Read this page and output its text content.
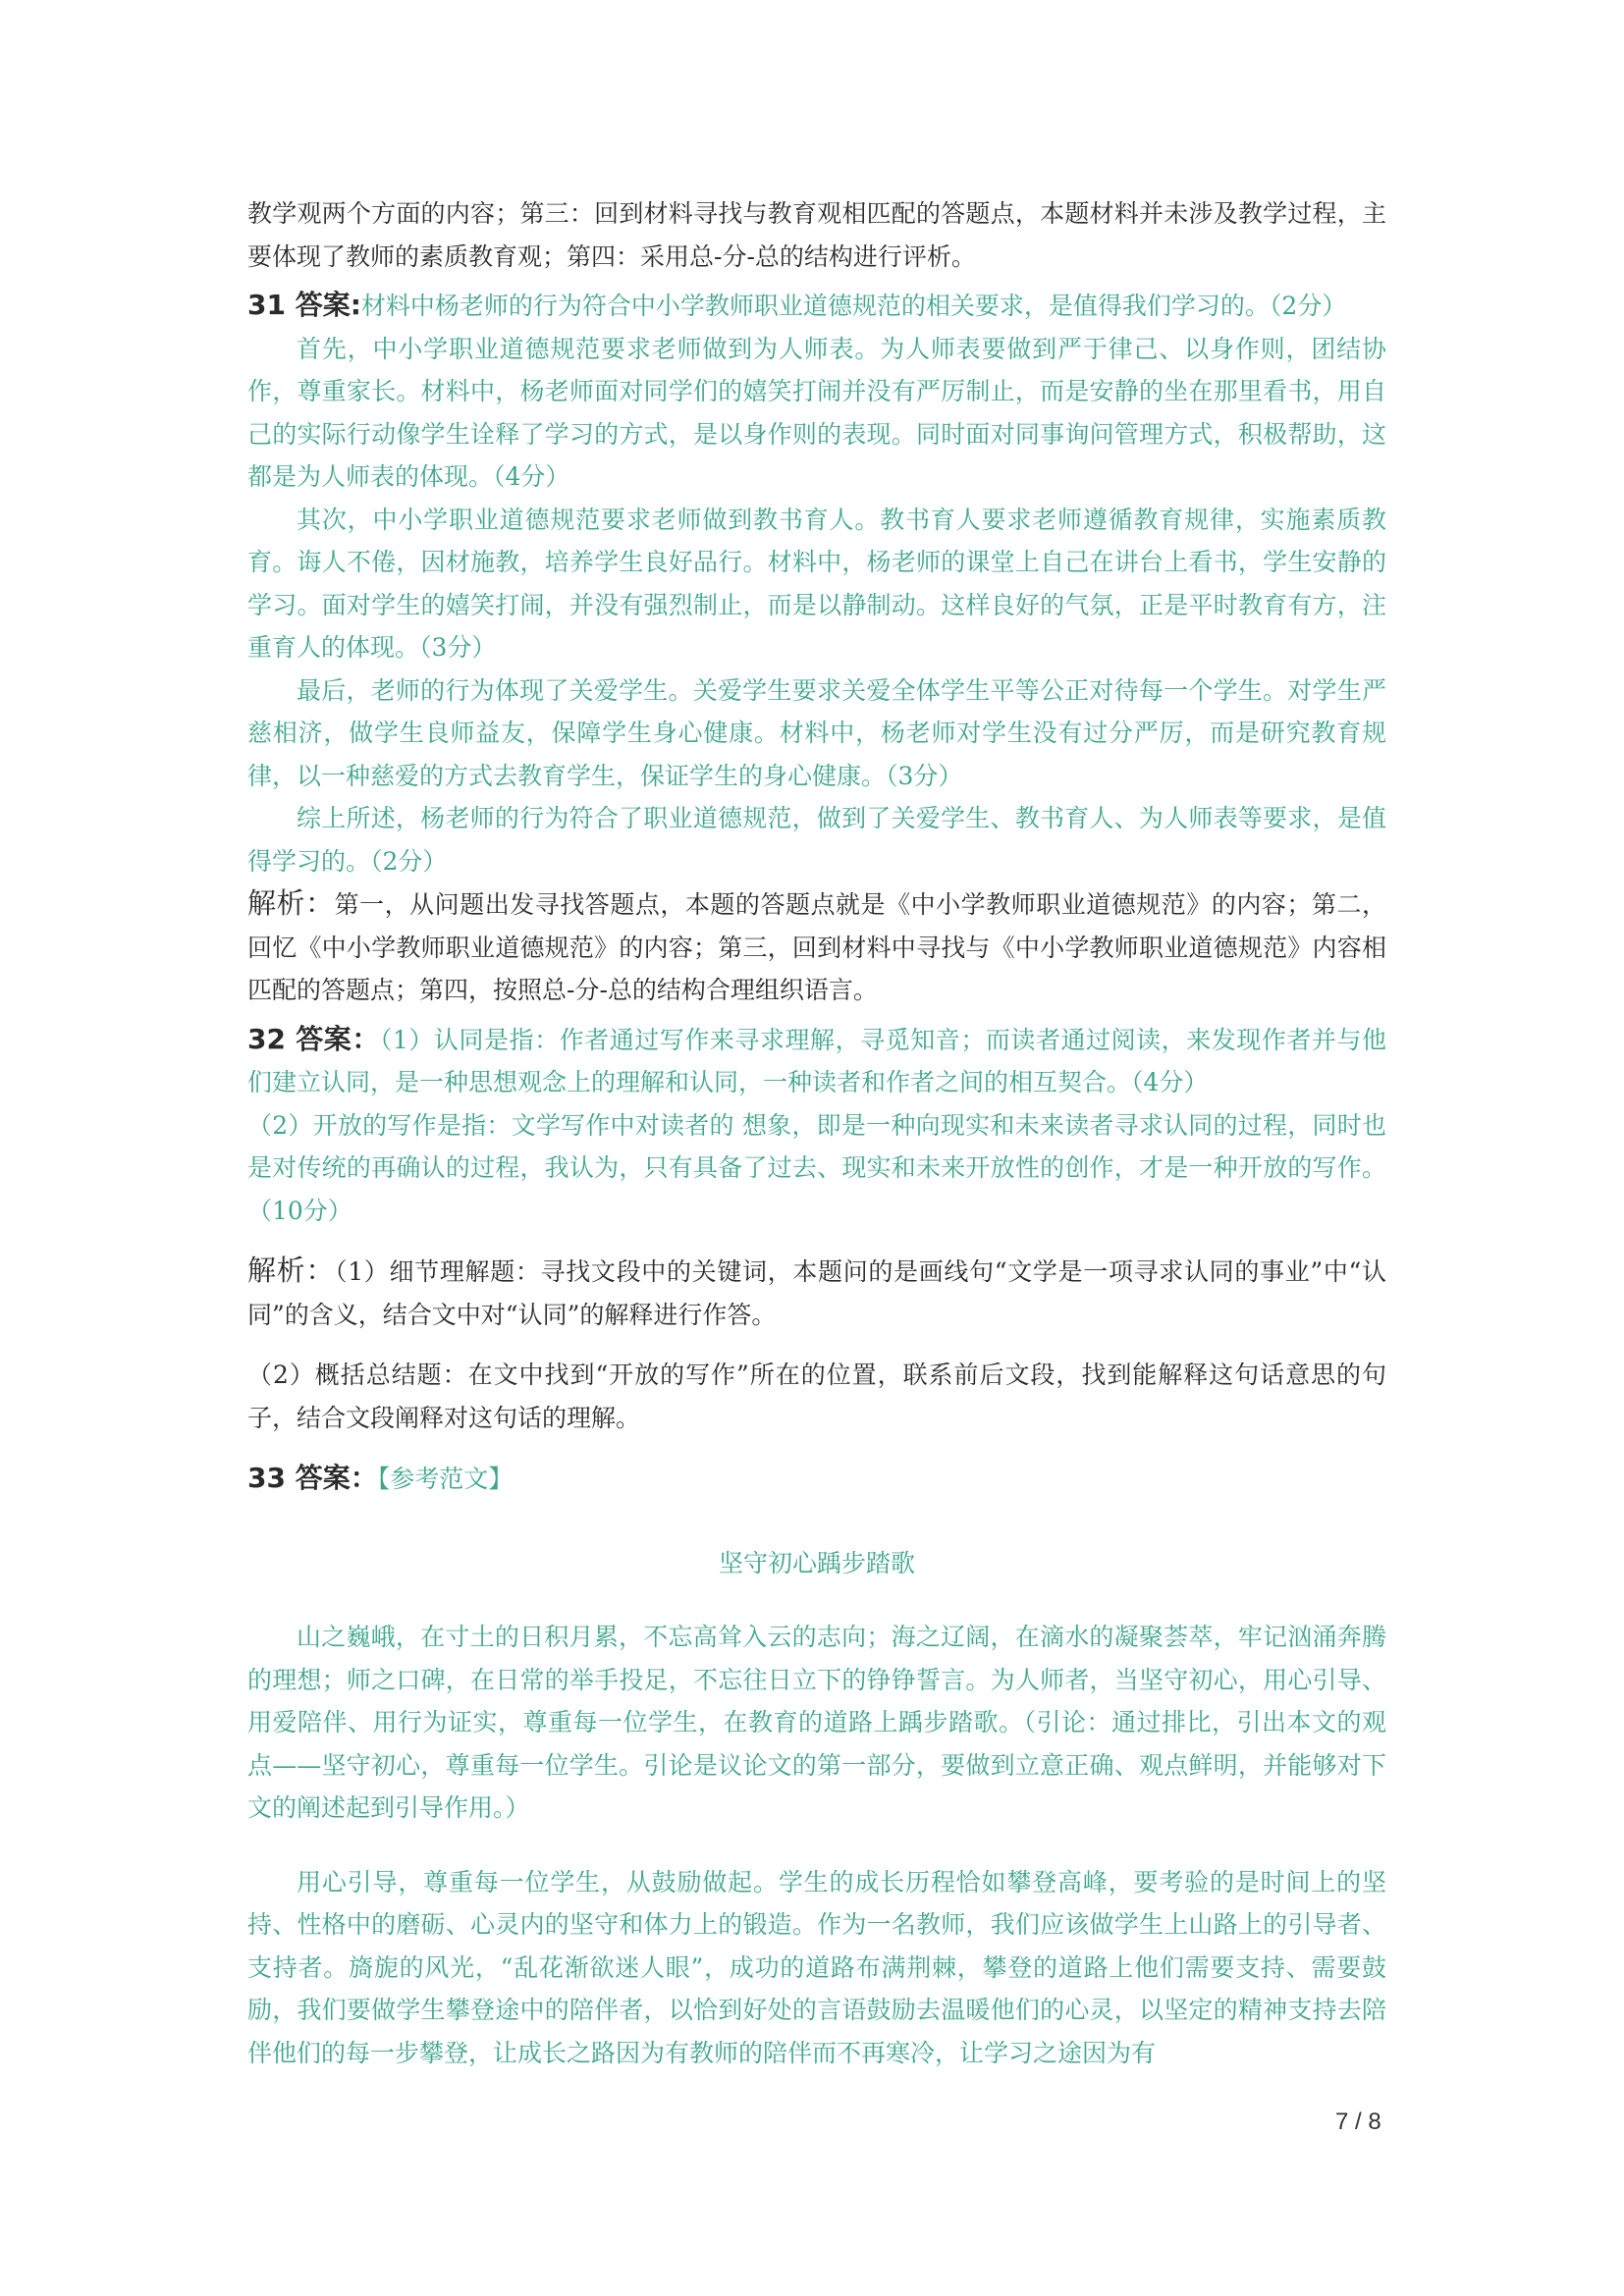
教学观两个方面的内容；第三：回到材料寻找与教育观相匹配的答题点，本题材料并未涉及教学过程，主要体现了教师的素质教育观；第四：采用总-分-总的结构进行评析。

31 答案:材料中杨老师的行为符合中小学教师职业道德规范的相关要求，是值得我们学习的。（2分）

首先，中小学职业道德规范要求老师做到为人师表。为人师表要做到严于律己、以身作则，团结协作，尊重家长。材料中，杨老师面对同学们的嬉笑打闹并没有严厉制止，而是安静的坐在那里看书，用自己的实际行动像学生诠释了学习的方式，是以身作则的表现。同时面对同事询问管理方式，积极帮助，这都是为人师表的体现。（4分）

其次，中小学职业道德规范要求老师做到教书育人。教书育人要求老师遵循教育规律，实施素质教育。诲人不倦，因材施教，培养学生良好品行。材料中，杨老师的课堂上自己在讲台上看书，学生安静的学习。面对学生的嬉笑打闹，并没有强烈制止，而是以静制动。这样良好的气氛，正是平时教育有方，注重育人的体现。（3分）

最后，老师的行为体现了关爱学生。关爱学生要求关爱全体学生平等公正对待每一个学生。对学生严慈相济，做学生良师益友，保障学生身心健康。材料中，杨老师对学生没有过分严厉，而是研究教育规律，以一种慈爱的方式去教育学生，保证学生的身心健康。（3分）

综上所述，杨老师的行为符合了职业道德规范，做到了关爱学生、教书育人、为人师表等要求，是值得学习的。（2分）

解析：第一，从问题出发寻找答题点，本题的答题点就是《中小学教师职业道德规范》的内容；第二，回忆《中小学教师职业道德规范》的内容；第三，回到材料中寻找与《中小学教师职业道德规范》内容相匹配的答题点；第四，按照总-分-总的结构合理组织语言。

32 答案：（1）认同是指：作者通过写作来寻求理解，寻觅知音；而读者通过阅读，来发现作者并与他们建立认同，是一种思想观念上的理解和认同，一种读者和作者之间的相互契合。（4分）

（2）开放的写作是指：文学写作中对读者的 想象，即是一种向现实和未来读者寻求认同的过程，同时也是对传统的再确认的过程，我认为，只有具备了过去、现实和未来开放性的创作，才是一种开放的写作。（10分）

解析：（1）细节理解题：寻找文段中的关键词，本题问的是画线句“文学是一项寻求认同的事业”中“认同”的含义，结合文中对“认同”的解释进行作答。

（2）概括总结题：在文中找到“开放的写作”所在的位置，联系前后文段，找到能解释这句话意思的句子，结合文段阐释对这句话的理解。

33 答案：【参考范文】

坚守初心踽步踏歌

山之巍峨，在寸土的日积月累，不忘高耸入云的志向；海之辽阔，在滴水的凝聚荟萃，牢记汹涌奔腾的理想；师之口碑，在日常的举手投足，不忘往日立下的铮铮誓言。为人师者，当坚守初心，用心引导、用爱陪伴、用行为证实，尊重每一位学生，在教育的道路上踽步踏歌。（引论：通过排比，引出本文的观点——坚守初心，尊重每一位学生。引论是议论文的第一部分，要做到立意正确、观点鲜明，并能够对下文的阐述起到引导作用。）

用心引导，尊重每一位学生，从鼓励做起。学生的成长历程恰如攀登高峰，要考验的是时间上的坚持、性格中的磨砺、心灵内的坚守和体力上的锻造。作为一名教师，我们应该做学生上山路上的引导者、支持者。旖旎的风光，“乱花渐欲迷人眼”，成功的道路布满荆棘，攀登的道路上他们需要支持、需要鼓励，我们要做学生攀登途中的陪伴者，以恰到好处的言语鼓励去温暖他们的心灵，以坚定的精神支持去陪伴他们的每一步攀登，让成长之路因为有教师的陪伴而不再寒冷，让学习之途因为有

7 / 8
